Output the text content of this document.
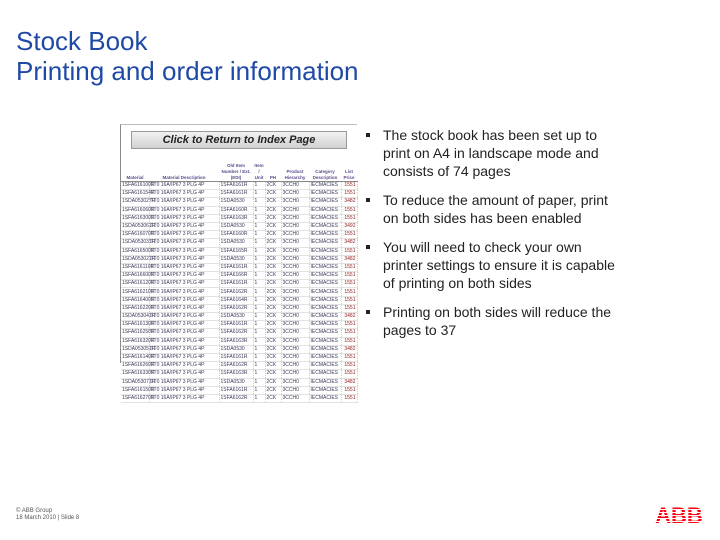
Stock Book
Printing and order information
Click to Return to Index Page
Material	Material Description	Old Item Number / Ext. (EDI)	Item / Unit	PH	Product Hierarchy	Category Description	List Price
1SFA616100R	TT0 16A/IP67 3 PLG 4P	1SFA6161R	1	2CK	3CCH0	IECMACIES	1551
1SFA616154R	TT0 16A/IP67 3 PLG 4P	1SFA6161R	1	2CK	3CCH0	IECMACIES	1551
1SDA053027R	TT0 16A/IP67 3 PLG 4P	1SDA0530	1	2CK	3CCH0	IECMACIES	3482
1SFA616060R	TT0 16A/IP67 3 PLG 4P	1SFA6160R	1	2CK	3CCH0	IECMACIES	1551
1SFA616300R	TT0 16A/IP67 3 PLG 4P	1SFA6163R	1	2CK	3CCH0	IECMACIES	1551
1SDA053061R	TT0 16A/IP67 3 PLG 4P	1SDA0530	1	2CK	3CCH0	IECMACIES	3492
1SFA616070R	TT0 16A/IP67 3 PLG 4P	1SFA6160R	1	2CK	3CCH0	IECMACIES	1551
1SDA053031R	TT0 16A/IP67 3 PLG 4P	1SDA0530	1	2CK	3CCH0	IECMACIES	3482
1SFA616500R	TT0 16A/IP67 3 PLG 4P	1SFA6165R	1	2CK	3CCH0	IECMACIES	1551
1SDA053021R	TT0 16A/IP67 3 PLG 4P	1SDA0530	1	2CK	3CCH0	IECMACIES	3482
1SFA616110R	TT0 16A/IP67 3 PLG 4P	1SFA6161R	1	2CK	3CCH0	IECMACIES	1551
1SFA616600R	TT0 16A/IP67 3 PLG 4P	1SFA6166R	1	2CK	3CCH0	IECMACIES	1551
1SFA616120R	TT0 16A/IP67 3 PLG 4P	1SFA6161R	1	2CK	3CCH0	IECMACIES	1551
1SFA616210R	TT0 16A/IP67 3 PLG 4P	1SFA6162R	1	2CK	3CCH0	IECMACIES	1551
1SFA616400R	TT0 16A/IP67 3 PLG 4P	1SFA6164R	1	2CK	3CCH0	IECMACIES	1551
1SFA616220R	TT0 16A/IP67 3 PLG 4P	1SFA6162R	1	2CK	3CCH0	IECMACIES	1551
1SDA053041R	TT0 16A/IP67 3 PLG 4P	1SDA0530	1	2CK	3CCH0	IECMACIES	3482
1SFA616130R	TT0 16A/IP67 3 PLG 4P	1SFA6161R	1	2CK	3CCH0	IECMACIES	1551
1SFA616250R	TT0 16A/IP67 3 PLG 4P	1SFA6162R	1	2CK	3CCH0	IECMACIES	1551
1SFA616320R	TT0 16A/IP67 3 PLG 4P	1SFA6163R	1	2CK	3CCH0	IECMACIES	1551
1SDA053051R	TT0 16A/IP67 3 PLG 4P	1SDA0530	1	2CK	3CCH0	IECMACIES	3482
1SFA616140R	TT0 16A/IP67 3 PLG 4P	1SFA6161R	1	2CK	3CCH0	IECMACIES	1551
1SFA616260R	TT0 16A/IP67 3 PLG 4P	1SFA6162R	1	2CK	3CCH0	IECMACIES	1551
1SFA616330R	TT0 16A/IP67 3 PLG 4P	1SFA6163R	1	2CK	3CCH0	IECMACIES	1551
1SDA053071R	TT0 16A/IP67 3 PLG 4P	1SDA0530	1	2CK	3CCH0	IECMACIES	3482
1SFA616150R	TT0 16A/IP67 3 PLG 4P	1SFA6161R	1	2CK	3CCH0	IECMACIES	1551
1SFA616270R	TT0 16A/IP67 3 PLG 4P	1SFA6162R	1	2CK	3CCH0	IECMACIES	1551
The stock book has been set up to print on A4 in landscape mode and consists of 74 pages
To reduce the amount of paper, print on both sides has been enabled
You will need to check your own printer settings to ensure it is capable of printing on both sides
Printing on both sides will reduce the pages to 37
© ABB Group
18 March 2010 | Slide 8	ABB
